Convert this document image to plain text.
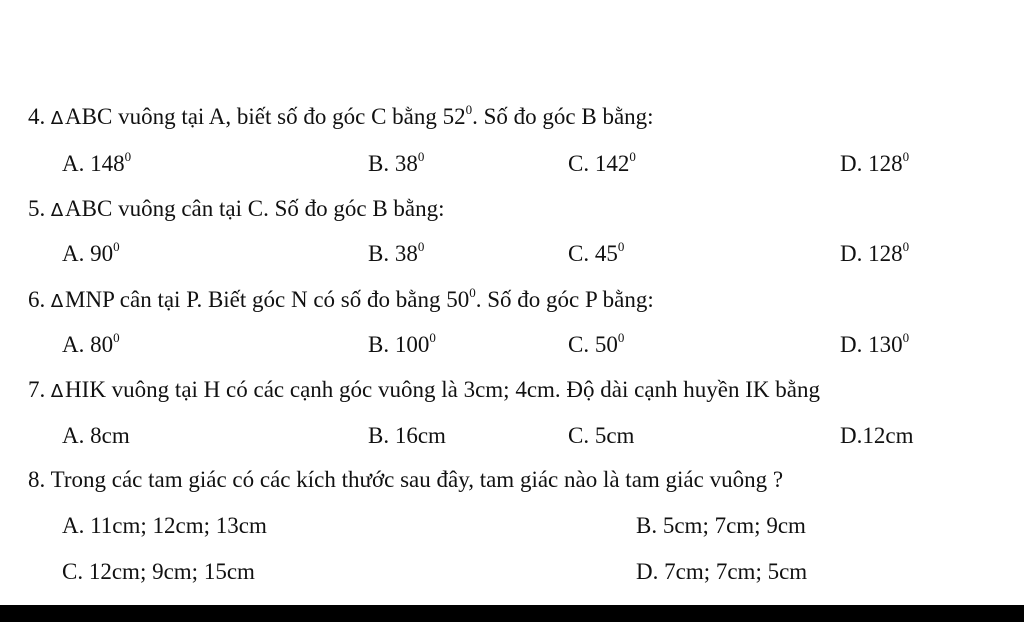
4. ∆ABC vuông tại A, biết số đo góc C bằng $52^0$. Số đo góc B bằng:
A. $148^0$	B. $38^0$	C. $142^0$	D. $128^0$
5. ∆ABC vuông cân tại C. Số đo góc B bằng:
A. $90^0$	B. $38^0$	C. $45^0$	D. $128^0$
6. ∆MNP cân tại P. Biết góc N có số đo bằng $50^0$. Số đo góc P bằng:
A. $80^0$	B. $100^0$	C. $50^0$	D. $130^0$
7. ∆HIK vuông tại H có các cạnh góc vuông là 3cm; 4cm. Độ dài cạnh huyền IK bằng
A. 8cm	B. 16cm	C. 5cm	D.12cm
8. Trong các tam giác có các kích thước sau đây, tam giác nào là tam giác vuông ?
A. 11cm; 12cm; 13cm	B. 5cm; 7cm; 9cm
C. 12cm; 9cm; 15cm	D. 7cm; 7cm; 5cm
